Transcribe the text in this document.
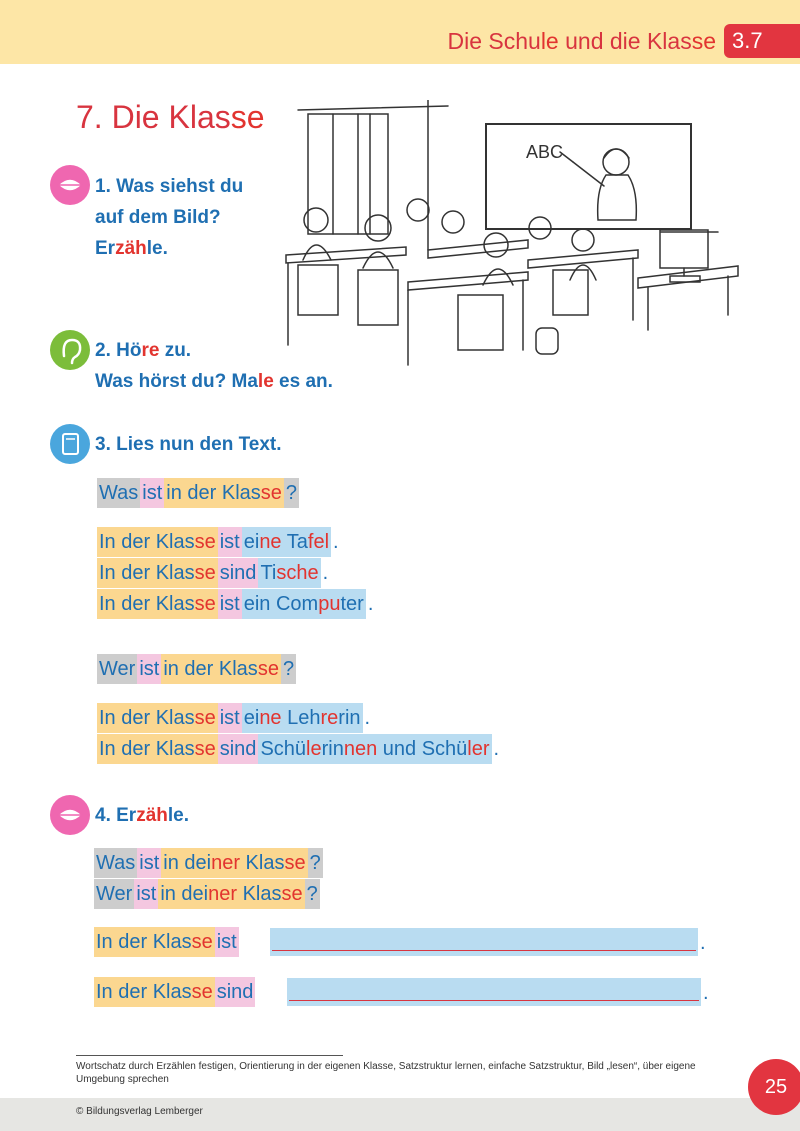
Die Schule und die Klasse 3.7
7. Die Klasse
ABC
1. Was siehst du
auf dem Bild?
Erzähle.
2. Höre zu.
Was hörst du? Male es an.
3. Lies nun den Text.
Wasistin der Klasse ?
In der Klasse isteine Tafel .
In der Klasse sindTische .
In der Klasse istein Computer .
Weristin der Klasse ?
In der Klasse isteine Lehrerin .
In der Klasse sindSchülerinnen und Schüler .
4. Erzähle.
Wasistin deiner Klasse ?
Weristin deiner Klasse ?
In der Klasse ist
In der Klasse sind
.
.
Wortschatz durch Erzählen festigen, Orientierung in der eigenen Klasse, Satzstruktur lernen, einfache Satzstruktur, Bild „lesen“, über eigene Umgebung sprechen
© Bildungsverlag Lemberger
25
